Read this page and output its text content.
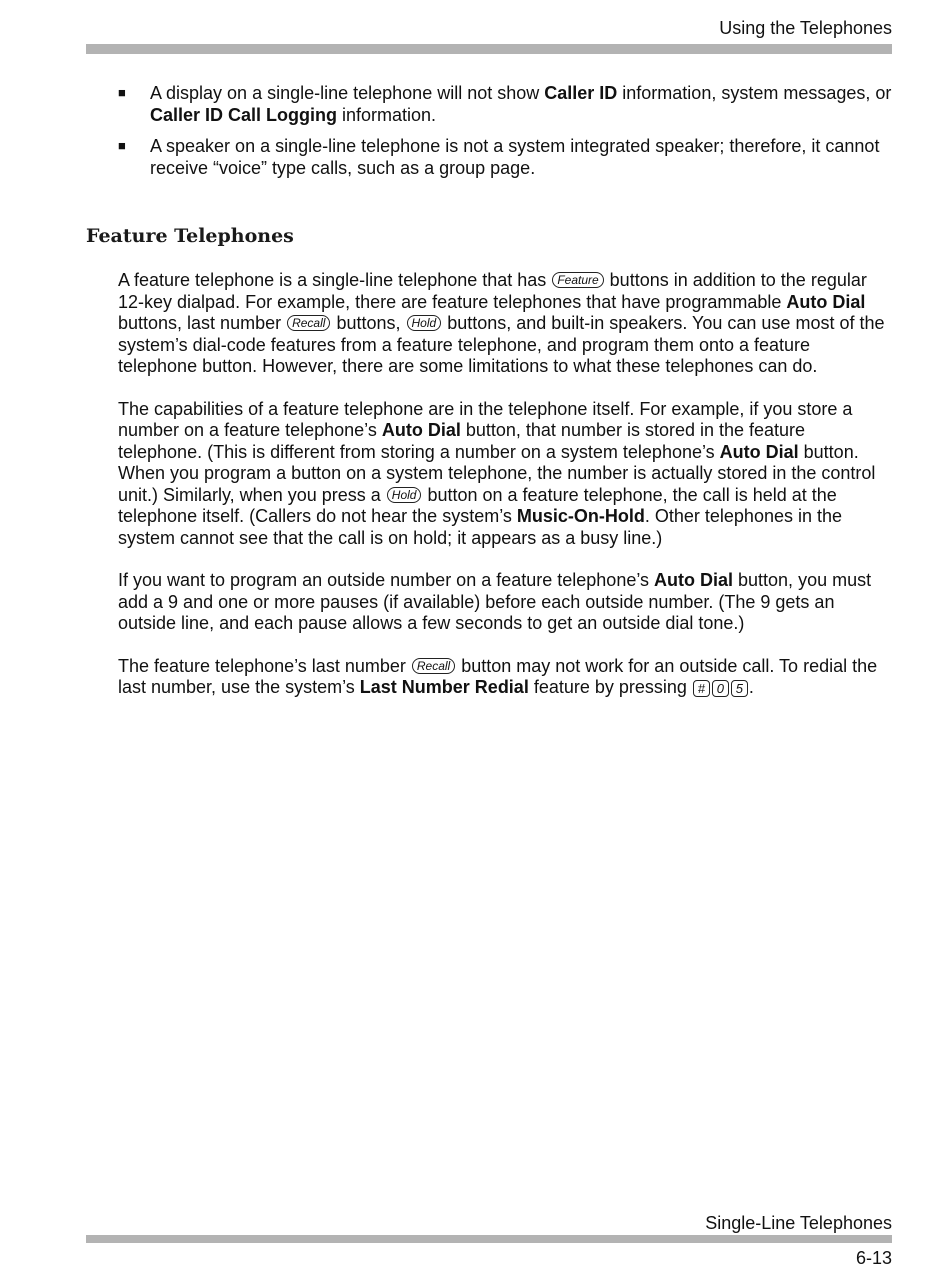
Using the Telephones
■ A display on a single-line telephone will not show Caller ID information, system messages, or Caller ID Call Logging information.
■ A speaker on a single-line telephone is not a system integrated speaker; therefore, it cannot receive “voice” type calls, such as a group page.
Feature Telephones

A feature telephone is a single-line telephone that has Feature buttons in addition to the regular 12-key dialpad. For example, there are feature telephones that have programmable Auto Dial buttons, last number Recall buttons, Hold buttons, and built-in speakers. You can use most of the system’s dial-code features from a feature telephone, and program them onto a feature telephone button. However, there are some limitations to what these telephones can do.

The capabilities of a feature telephone are in the telephone itself. For example, if you store a number on a feature telephone’s Auto Dial button, that number is stored in the feature telephone. (This is different from storing a number on a system telephone’s Auto Dial button. When you program a button on a system telephone, the number is actually stored in the control unit.) Similarly, when you press a Hold button on a feature telephone, the call is held at the telephone itself. (Callers do not hear the system’s Music-On-Hold. Other telephones in the system cannot see that the call is on hold; it appears as a busy line.)

If you want to program an outside number on a feature telephone’s Auto Dial button, you must add a 9 and one or more pauses (if available) before each outside number. (The 9 gets an outside line, and each pause allows a few seconds to get an outside dial tone.)

The feature telephone’s last number Recall button may not work for an outside call. To redial the last number, use the system’s Last Number Redial feature by pressing # 0 5 .

Single-Line Telephones
6-13
